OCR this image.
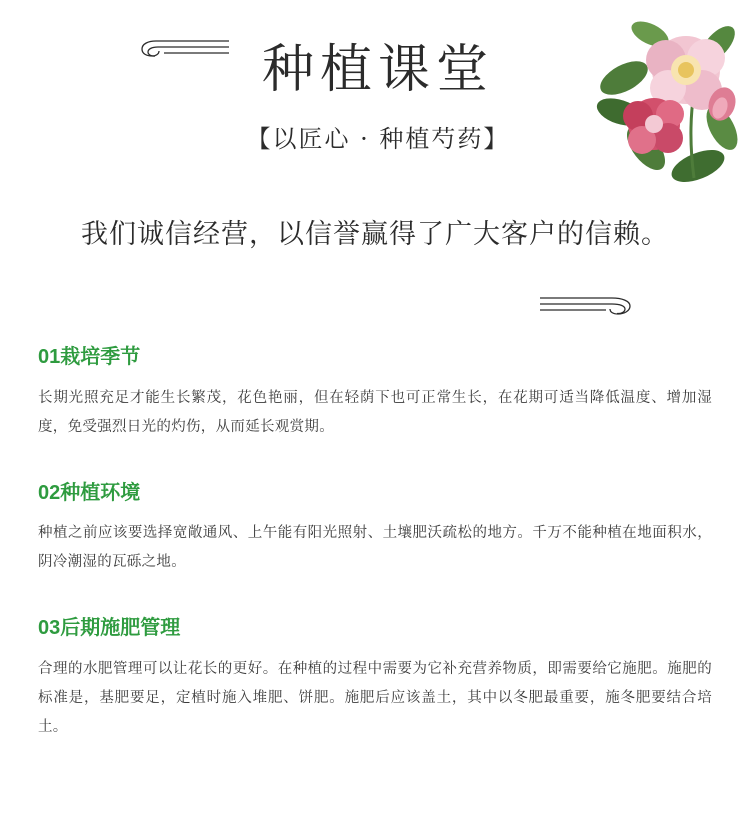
种植课堂
【以匠心 · 种植芍药】
我们诚信经营，以信誉赢得了广大客户的信赖。
01栽培季节

长期光照充足才能生长繁茂，花色艳丽，但在轻荫下也可正常生长，在花期可适当降低温度、增加湿度，免受强烈日光的灼伤，从而延长观赏期。

02种植环境

种植之前应该要选择宽敞通风、上午能有阳光照射、土壤肥沃疏松的地方。千万不能种植在地面积水，阴冷潮湿的瓦砾之地。

03后期施肥管理

合理的水肥管理可以让花长的更好。在种植的过程中需要为它补充营养物质，即需要给它施肥。施肥的标准是，基肥要足，定植时施入堆肥、饼肥。施肥后应该盖土，其中以冬肥最重要，施冬肥要结合培土。
